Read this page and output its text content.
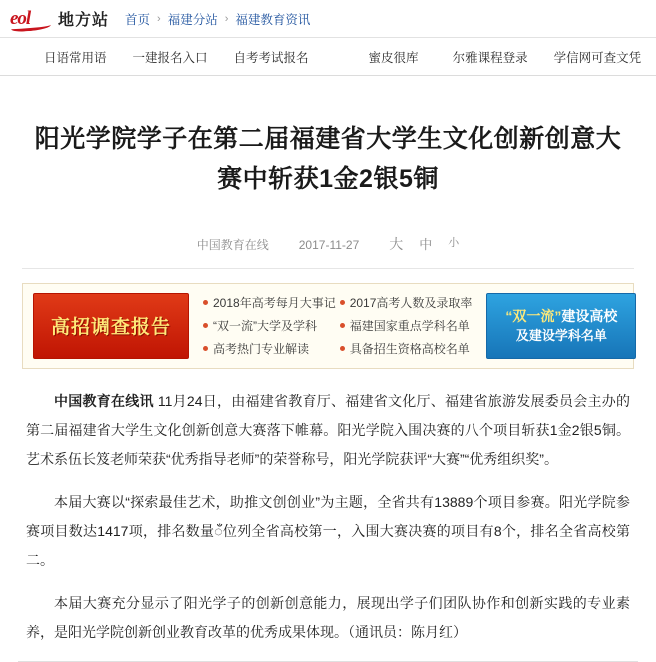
eol 地方站 首页 › 福建分站 › 福建教育资讯
日语常用语	一建报名入口	自考考试报名	蜜皮很库	尔雅课程登录	学信网可查文凭
阳光学院学子在第二届福建省大学生文化创新创意大赛中斩获1金2银5铜
中国教育在线	2017-11-27 大 中 小
高招调查报告
2018年高考每月大事记 2017高考人数及录取率
“双一流”大学及学科	福建国家重点学科名单
高考热门专业解读	具备招生资格高校名单
“双一流”建设高校
及建设学科名单

中国教育在线讯 11月24日，由福建省教育厅、福建省文化厅、福建省旅游发展委员会主办的第二届福建省大学生文化创新创意大赛落下帷幕。阳光学院入围决赛的八个项目斩获1金2银5铜。艺术系伍长笈老师荣获“优秀指导老师”的荣誉称号，阳光学院获评“大赛”“优秀组织奖”。

本届大赛以“探索最佳艺术，助推文创创业”为主题，全省共有13889个项目参赛。阳光学院参赛项目数达1417项，排名数量ँ位列全省高校第一，入围大赛决赛的项目有8个，排名全省高校第二。

本届大赛充分显示了阳光学子的创新创意能力，展现出学子们团队协作和创新实践的专业素养，是阳光学院创新创业教育改革的优秀成果体现。（通讯员：陈月红）
